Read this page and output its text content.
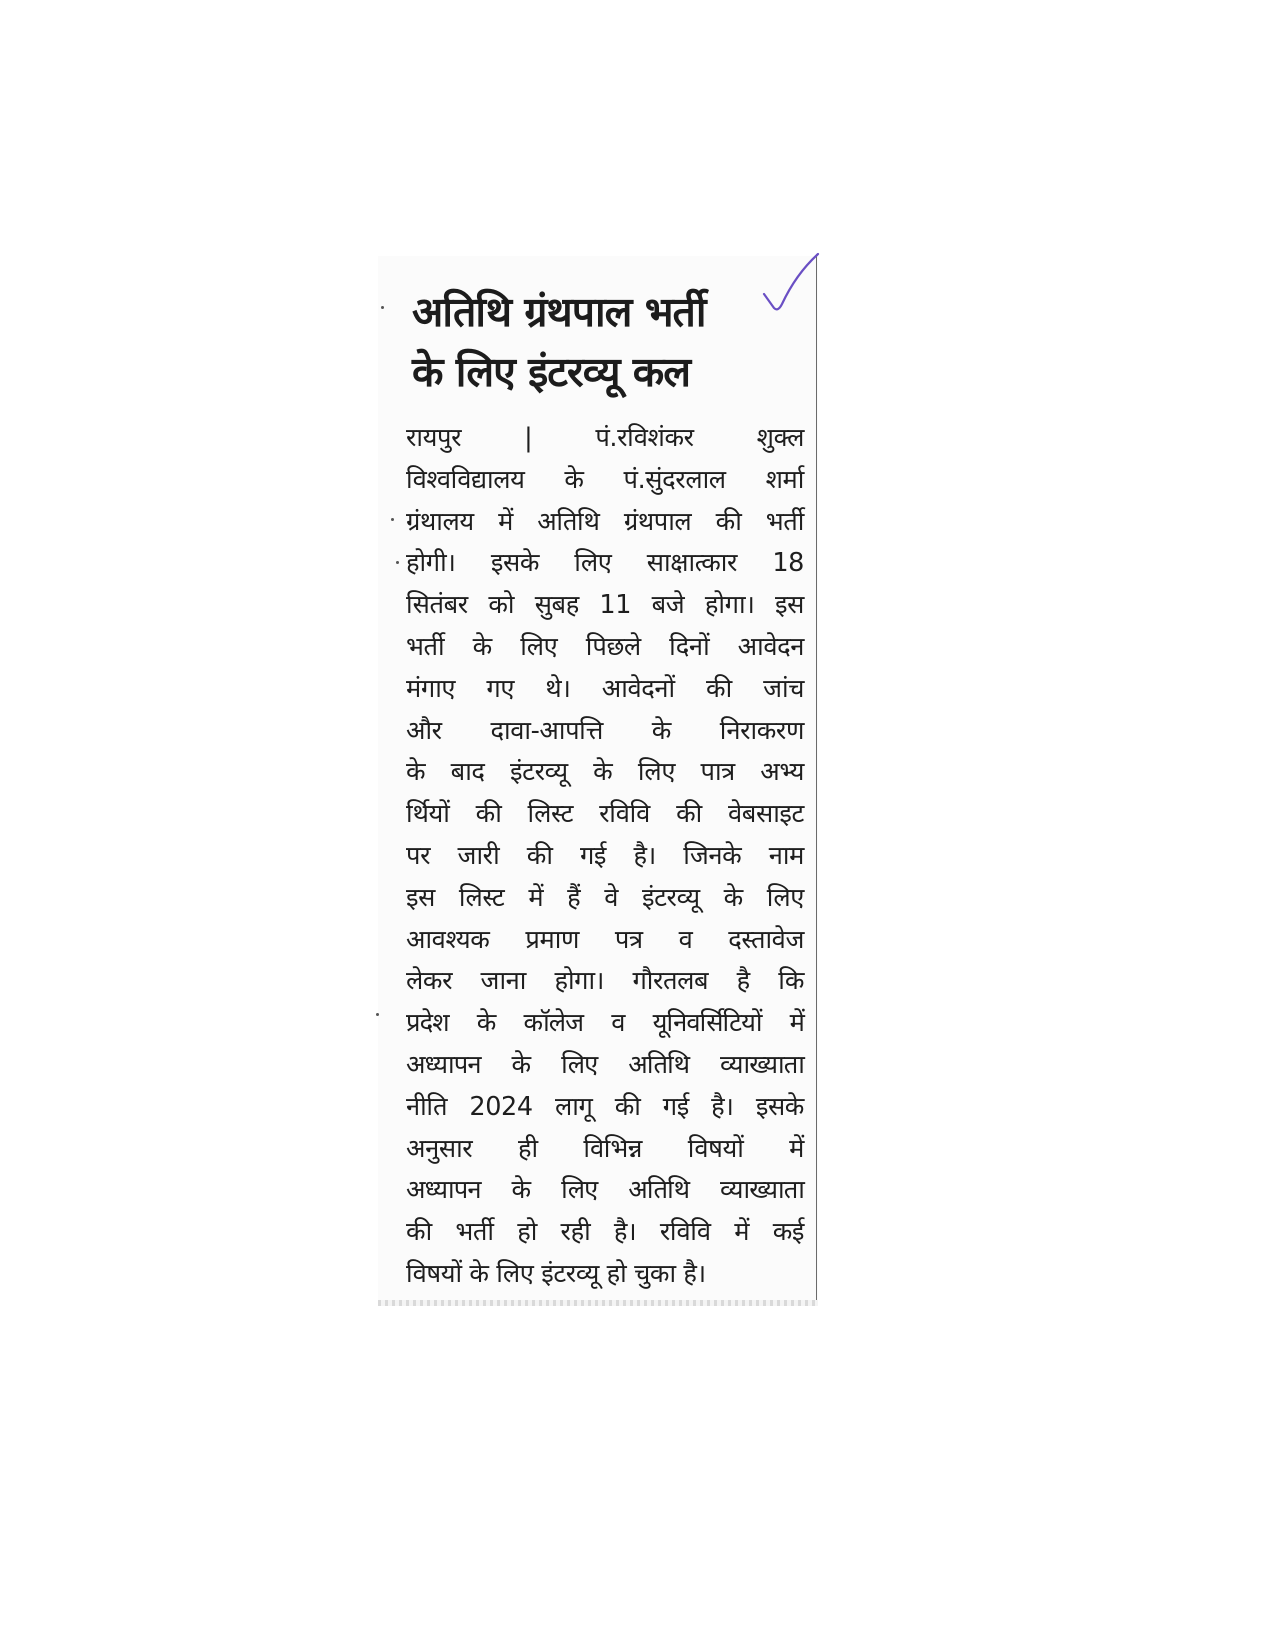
अतिथि ग्रंथपाल भर्ती
के लिए इंटरव्यू कल
रायपुर | पं.रविशंकर शुक्ल
विश्वविद्यालय के पं.सुंदरलाल शर्मा
ग्रंथालय में अतिथि ग्रंथपाल की भर्ती
होगी। इसके लिए साक्षात्कार 18
सितंबर को सुबह 11 बजे होगा। इस
भर्ती के लिए पिछले दिनों आवेदन
मंगाए गए थे। आवेदनों की जांच
और दावा-आपत्ति के निराकरण
के बाद इंटरव्यू के लिए पात्र अभ्य
र्थियों की लिस्ट रविवि की वेबसाइट
पर जारी की गई है। जिनके नाम
इस लिस्ट में हैं वे इंटरव्यू के लिए
आवश्यक प्रमाण पत्र व दस्तावेज
लेकर जाना होगा। गौरतलब है कि
प्रदेश के कॉलेज व यूनिवर्सिटियों में
अध्यापन के लिए अतिथि व्याख्याता
नीति 2024 लागू की गई है। इसके
अनुसार ही विभिन्न विषयों में
अध्यापन के लिए अतिथि व्याख्याता
की भर्ती हो रही है। रविवि में कई
विषयों के लिए इंटरव्यू हो चुका है।
